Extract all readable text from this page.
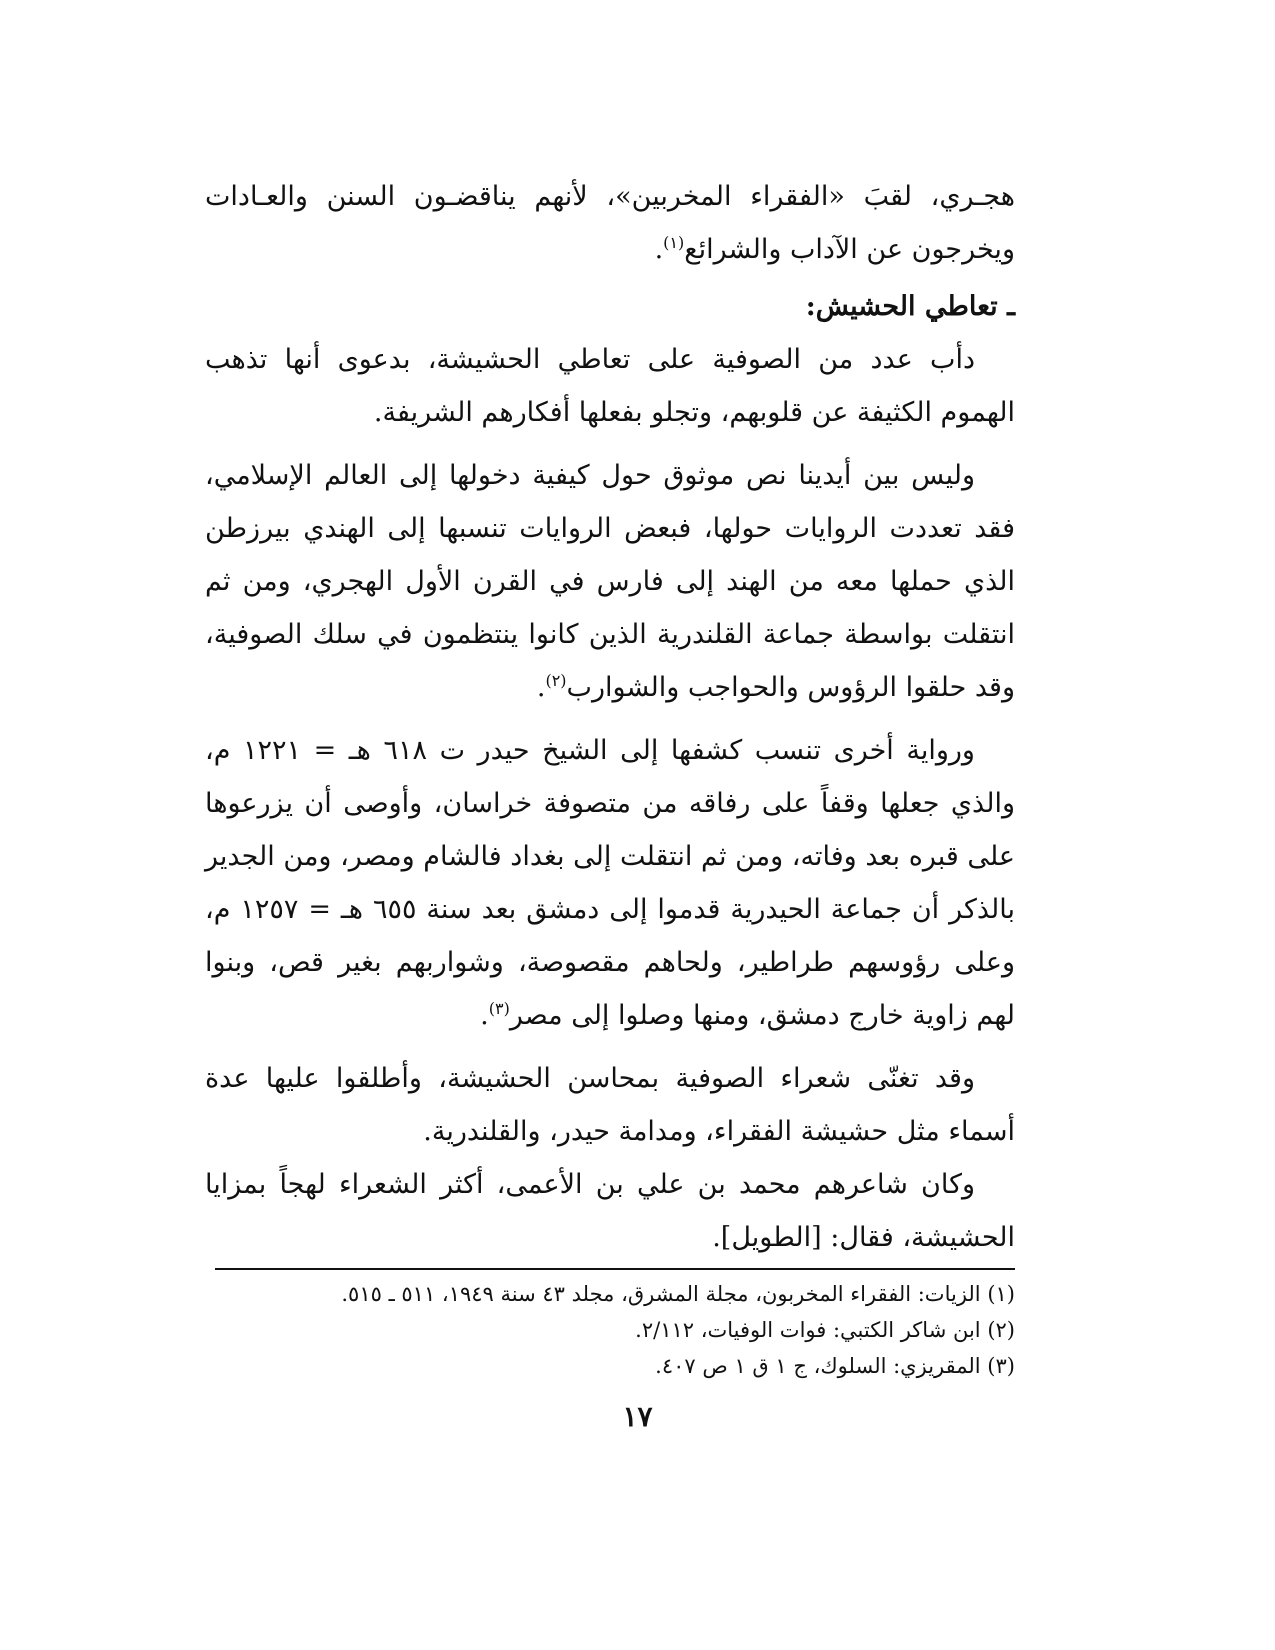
هجـري، لقبَ «الفقراء المخربين»، لأنهم يناقضـون السنن والعـادات ويخرجون عن الآداب والشرائع$^{(١)}$.

ـ تعاطي الحشيش:

دأب عدد من الصوفية على تعاطي الحشيشة، بدعوى أنها تذهب الهموم الكثيفة عن قلوبهم، وتجلو بفعلها أفكارهم الشريفة.

وليس بين أيدينا نص موثوق حول كيفية دخولها إلى العالم الإسلامي، فقد تعددت الروايات حولها، فبعض الروايات تنسبها إلى الهندي بيرزطن الذي حملها معه من الهند إلى فارس في القرن الأول الهجري، ومن ثم انتقلت بواسطة جماعة القلندرية الذين كانوا ينتظمون في سلك الصوفية، وقد حلقوا الرؤوس والحواجب والشوارب$^{(٢)}$.

ورواية أخرى تنسب كشفها إلى الشيخ حيدر ت ٦١٨ هـ = ١٢٢١ م، والذي جعلها وقفاً على رفاقه من متصوفة خراسان، وأوصى أن يزرعوها على قبره بعد وفاته، ومن ثم انتقلت إلى بغداد فالشام ومصر، ومن الجدير بالذكر أن جماعة الحيدرية قدموا إلى دمشق بعد سنة ٦٥٥ هـ = ١٢٥٧ م، وعلى رؤوسهم طراطير، ولحاهم مقصوصة، وشواربهم بغير قص، وبنوا لهم زاوية خارج دمشق، ومنها وصلوا إلى مصر$^{(٣)}$.

وقد تغنّى شعراء الصوفية بمحاسن الحشيشة، وأطلقوا عليها عدة أسماء مثل حشيشة الفقراء، ومدامة حيدر، والقلندرية.

وكان شاعرهم محمد بن علي بن الأعمى، أكثر الشعراء لهجاً بمزايا الحشيشة، فقال: [الطويل].

(١) الزيات: الفقراء المخربون، مجلة المشرق، مجلد ٤٣ سنة ١٩٤٩، ٥١١ ـ ٥١٥.

(٢) ابن شاكر الكتبي: فوات الوفيات، ٢/١١٢.

(٣) المقريزي: السلوك، ج ١ ق ١ ص ٤٠٧.

١٧
